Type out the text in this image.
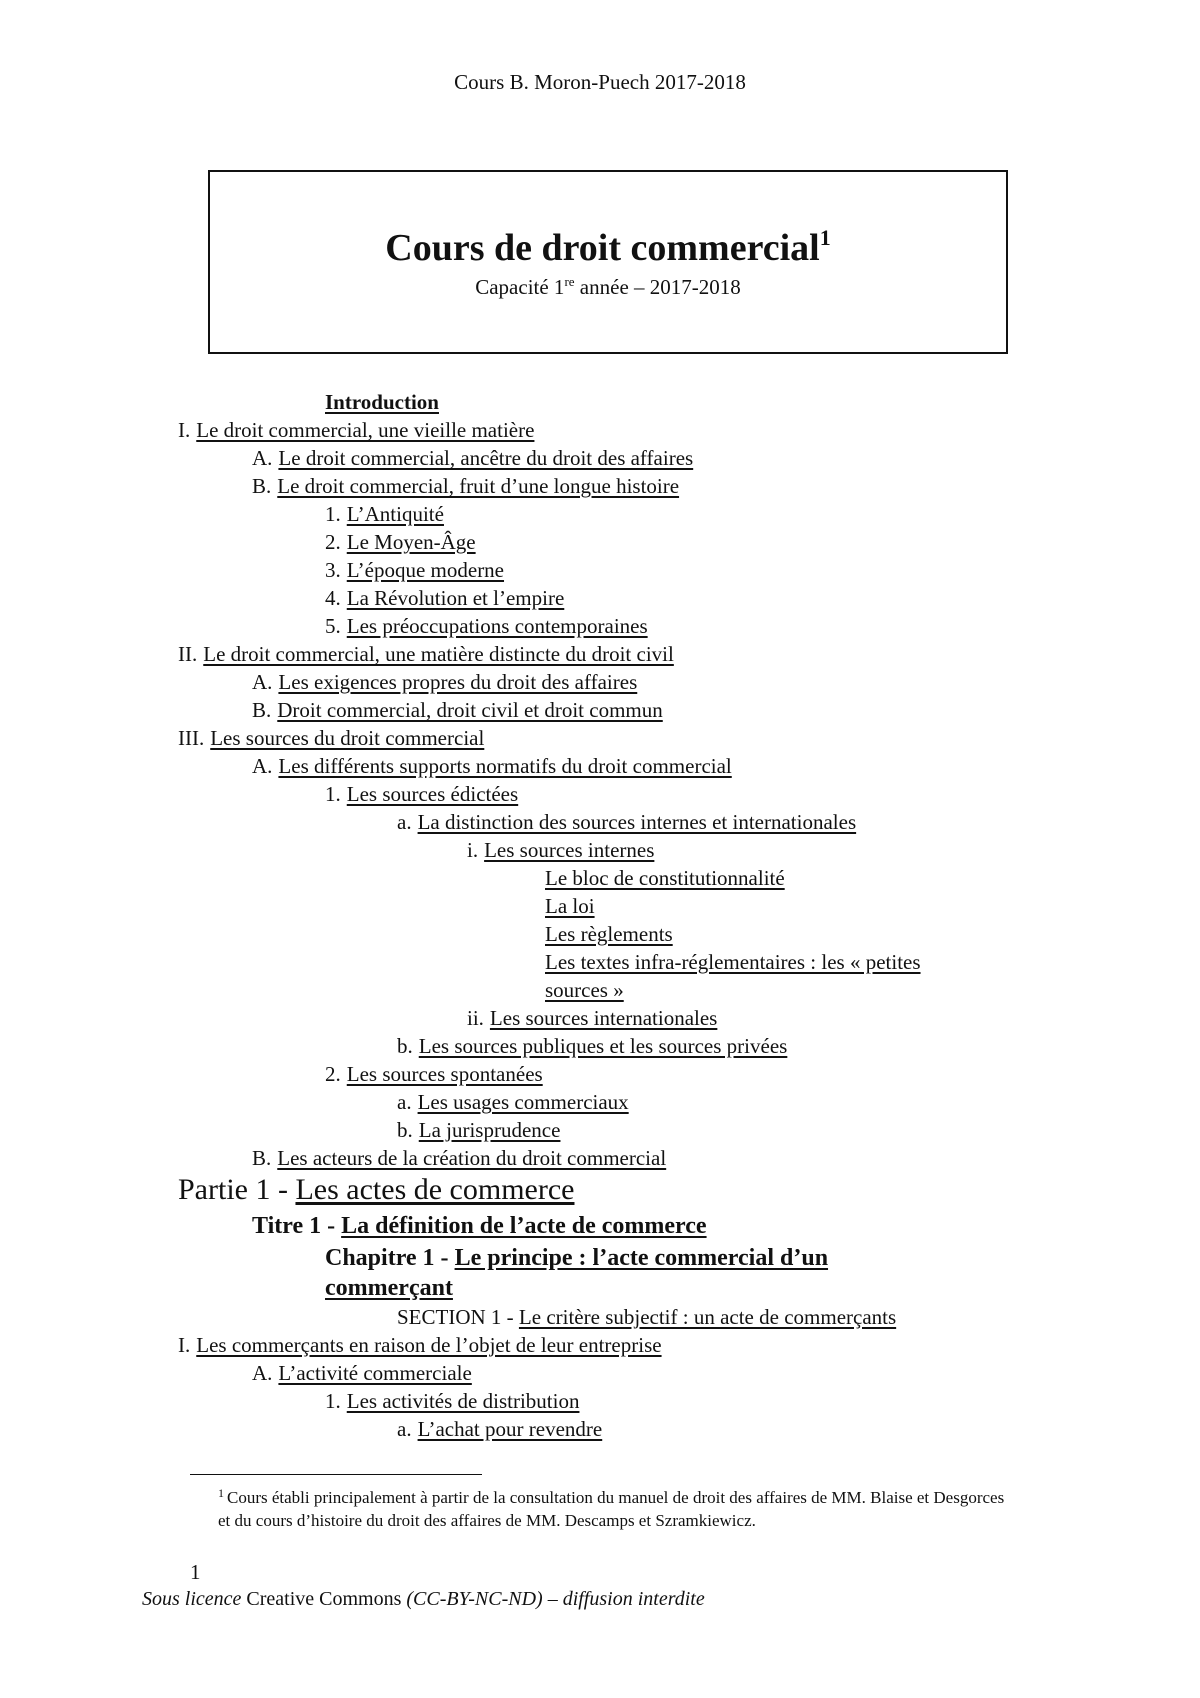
Cours B. Moron-Puech 2017-2018
Cours de droit commercial$^1$
Capacité 1re année – 2017-2018
Introduction
I. Le droit commercial, une vieille matière
A. Le droit commercial, ancêtre du droit des affaires
B. Le droit commercial, fruit d’une longue histoire
1. L’Antiquité
2. Le Moyen-Âge
3. L’époque moderne
4. La Révolution et l’empire
5. Les préoccupations contemporaines
II. Le droit commercial, une matière distincte du droit civil
A. Les exigences propres du droit des affaires
B. Droit commercial, droit civil et droit commun
III. Les sources du droit commercial
A. Les différents supports normatifs du droit commercial
1. Les sources édictées
a. La distinction des sources internes et internationales
i. Les sources internes
Le bloc de constitutionnalité
La loi
Les règlements
Les textes infra-réglementaires : les « petites sources »
ii. Les sources internationales
b. Les sources publiques et les sources privées
2. Les sources spontanées
a. Les usages commerciaux
b. La jurisprudence
B. Les acteurs de la création du droit commercial
Partie 1 - Les actes de commerce
Titre 1 - La définition de l’acte de commerce
Chapitre 1 - Le principe : l’acte commercial d’un commerçant
SECTION 1 - Le critère subjectif : un acte de commerçants
I. Les commerçants en raison de l’objet de leur entreprise
A. L’activité commerciale
1. Les activités de distribution
a. L’achat pour revendre
$^1$ Cours établi principalement à partir de la consultation du manuel de droit des affaires de MM. Blaise et Desgorces et du cours d’histoire du droit des affaires de MM. Descamps et Szramkiewicz.
1
Sous licence Creative Commons (CC-BY-NC-ND) – diffusion interdite
